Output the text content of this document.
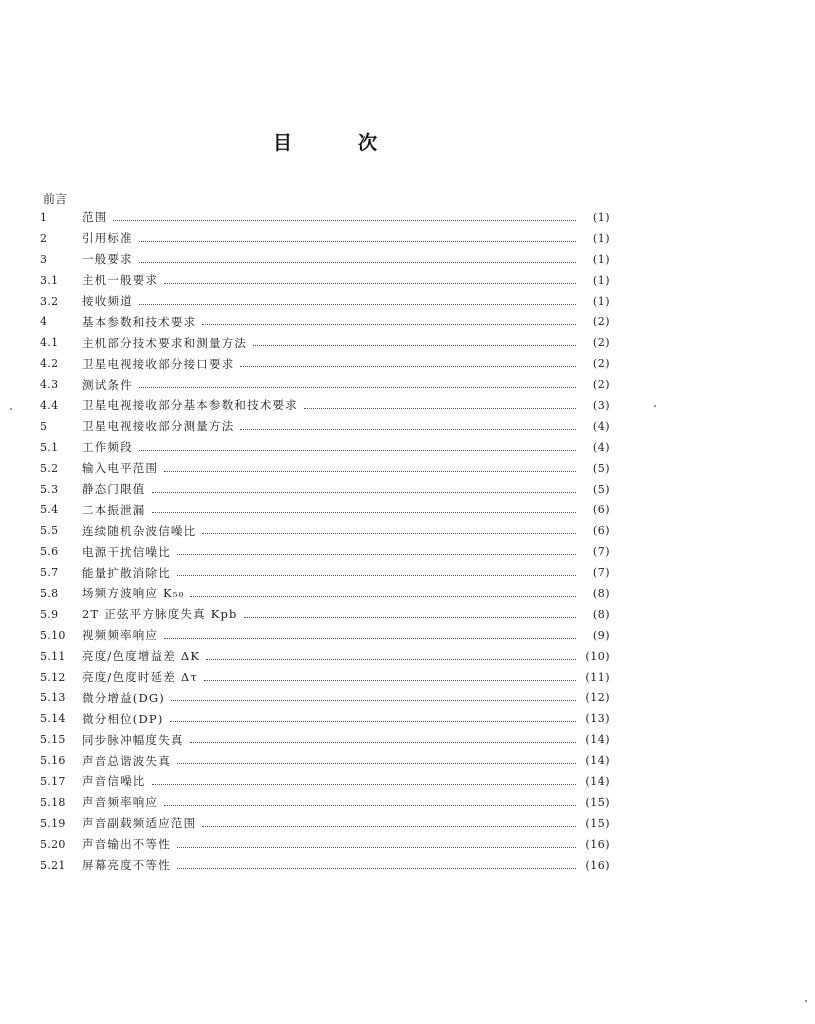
目	次
前言
1	范围	(1)
2	引用标准	(1)
3	一般要求	(1)
3.1	主机一般要求	(1)
3.2	接收频道	(1)
4	基本参数和技术要求	(2)
4.1	主机部分技术要求和测量方法	(2)
4.2	卫星电视接收部分接口要求	(2)
4.3	测试条件	(2)
4.4	卫星电视接收部分基本参数和技术要求	(3)
5	卫星电视接收部分测量方法	(4)
5.1	工作频段	(4)
5.2	输入电平范围	(5)
5.3	静态门限值	(5)
5.4	二本振泄漏	(6)
5.5	连续随机杂波信噪比	(6)
5.6	电源干扰信噪比	(7)
5.7	能量扩散消除比	(7)
5.8	场频方波响应 K₅₀	(8)
5.9	2T 正弦平方脉度失真 Kpb	(8)
5.10	视频频率响应	(9)
5.11	亮度/色度增益差 ΔK	(10)
5.12	亮度/色度时延差 Δτ	(11)
5.13	微分增益(DG)	(12)
5.14	微分相位(DP)	(13)
5.15	同步脉冲幅度失真	(14)
5.16	声音总谐波失真	(14)
5.17	声音信噪比	(14)
5.18	声音频率响应	(15)
5.19	声音副载频适应范围	(15)
5.20	声音输出不等性	(16)
5.21	屏幕亮度不等性	(16)
